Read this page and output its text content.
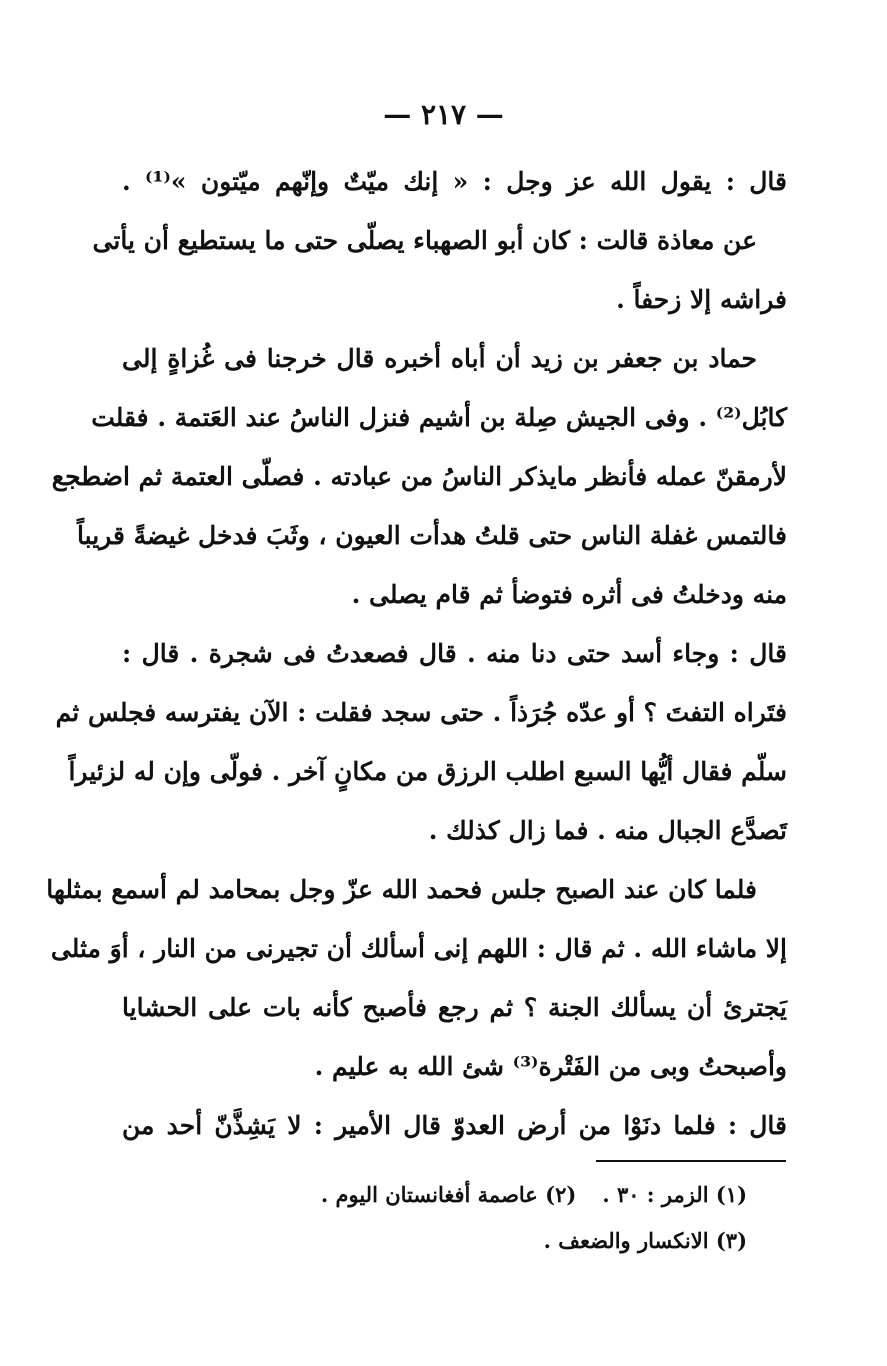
— ٢١٧ —
قال : يقول الله عز وجل : « إنك ميّتٌ وإنّهم ميّتون »⁽¹⁾ .
عن معاذة قالت : كان أبو الصهباء يصلّى حتى ما يستطيع أن يأتى
فراشه إلا زحفاً .
حماد بن جعفر بن زيد أن أباه أخبره قال خرجنا فى غُزاةٍ إلى
كابُل⁽²⁾ . وفى الجيش صِلة بن أشيم فنزل الناسُ عند العَتمة . فقلت
لأرمقنّ عمله فأنظر مايذكر الناسُ من عبادته . فصلّى العتمة ثم اضطجع
فالتمس غفلة الناس حتى قلتُ هدأت العيون ، وثَبَ فدخل غيضةً قريباً
منه ودخلتُ فى أثره فتوضأ ثم قام يصلى .
قال : وجاء أسد حتى دنا منه . قال فصعدتُ فى شجرة . قال :
فتَراه التفتَ ؟ أو عدّه جُرَذاً . حتى سجد فقلت : الآن يفترسه فجلس ثم
سلّم فقال أيُّها السبع اطلب الرزق من مكانٍ آخر . فولّى وإن له لزئيراً
تَصدَّع الجبال منه . فما زال كذلك .
فلما كان عند الصبح جلس فحمد الله عزّ وجل بمحامد لم أسمع بمثلها
إلا ماشاء الله . ثم قال : اللهم إنى أسألك أن تجيرنى من النار ، أوَ مثلى
يَجترئ أن يسألك الجنة ؟ ثم رجع فأصبح كأنه بات على الحشايا
وأصبحتُ وبى من الفَتْرة⁽³⁾ شئ الله به عليم .
قال : فلما دنَوْا من أرض العدوّ قال الأمير : لا يَشِذَّنّ أحد من
(١) الزمر : ٣٠ .(٢) عاصمة أفغانستان اليوم .
(٣) الانكسار والضعف .
